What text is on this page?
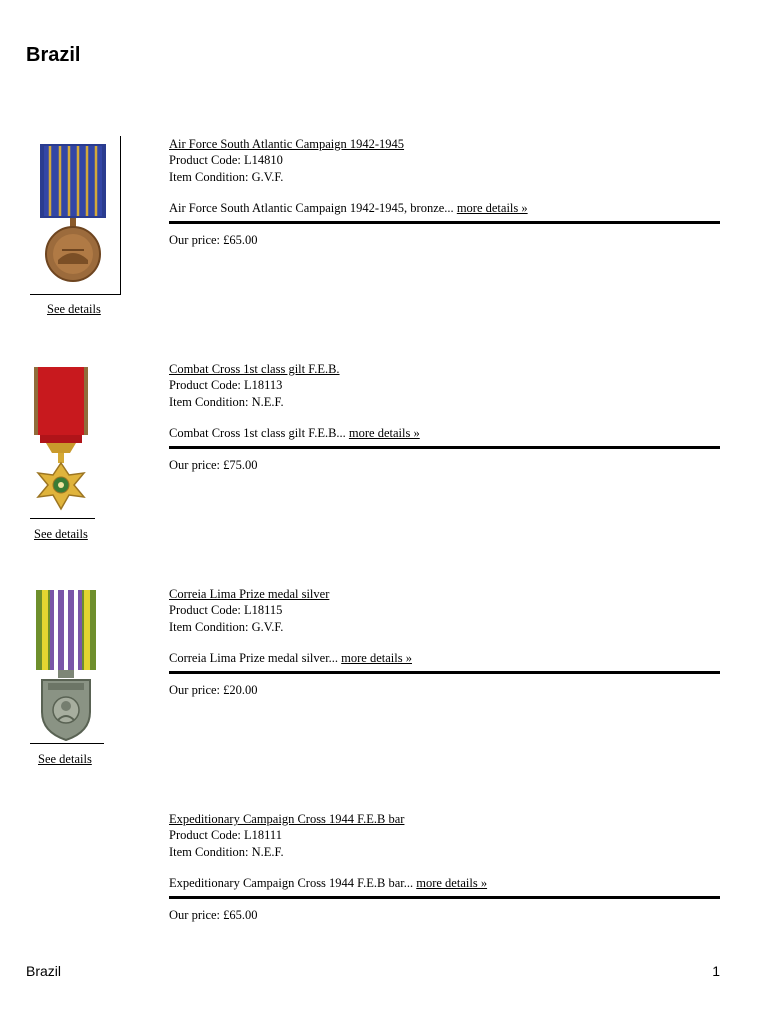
Brazil
See details
Air Force South Atlantic Campaign 1942-1945
Product Code: L14810
Item Condition: G.V.F.
Air Force South Atlantic Campaign 1942-1945, bronze... more details »
Our price: £65.00
See details
Combat Cross 1st class gilt F.E.B.
Product Code: L18113
Item Condition: N.E.F.
Combat Cross 1st class gilt F.E.B... more details »
Our price: £75.00
See details
Correia Lima Prize medal silver
Product Code: L18115
Item Condition: G.V.F.
Correia Lima Prize medal silver... more details »
Our price: £20.00
Expeditionary Campaign Cross 1944 F.E.B bar
Product Code: L18111
Item Condition: N.E.F.
Expeditionary Campaign Cross 1944 F.E.B bar... more details »
Our price: £65.00
Brazil	1
